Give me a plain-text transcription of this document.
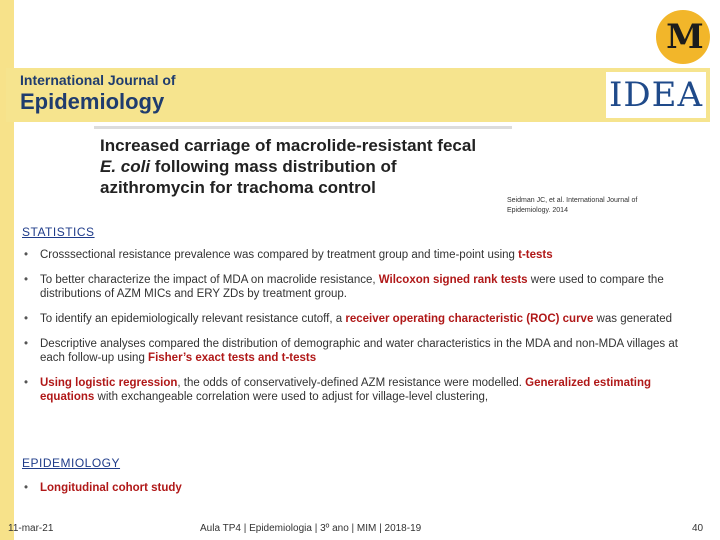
M
International Journal of
Epidemiology	IDEA
Increased carriage of macrolide-resistant fecal
E. coli following mass distribution of
azithromycin for trachoma control
Seidman JC, et al. International Journal of Epidemiology. 2014
STATISTICS
• Crosssectional resistance prevalence was compared by treatment group and time-point using t-tests
• To better characterize the impact of MDA on macrolide resistance, Wilcoxon signed rank tests were used to compare the distributions of AZM MICs and ERY ZDs by treatment group.
• To identify an epidemiologically relevant resistance cutoff, a receiver operating characteristic (ROC) curve was generated
• Descriptive analyses compared the distribution of demographic and water characteristics in the MDA and non-MDA villages at each follow-up using Fisher’s exact tests and t-tests
• Using logistic regression, the odds of conservatively-defined AZM resistance were modelled. Generalized estimating equations with exchangeable correlation were used to adjust for village-level clustering,
EPIDEMIOLOGY
• Longitudinal cohort study
11-mar-21	Aula TP4 | Epidemiologia | 3º ano | MIM | 2018-19	40
